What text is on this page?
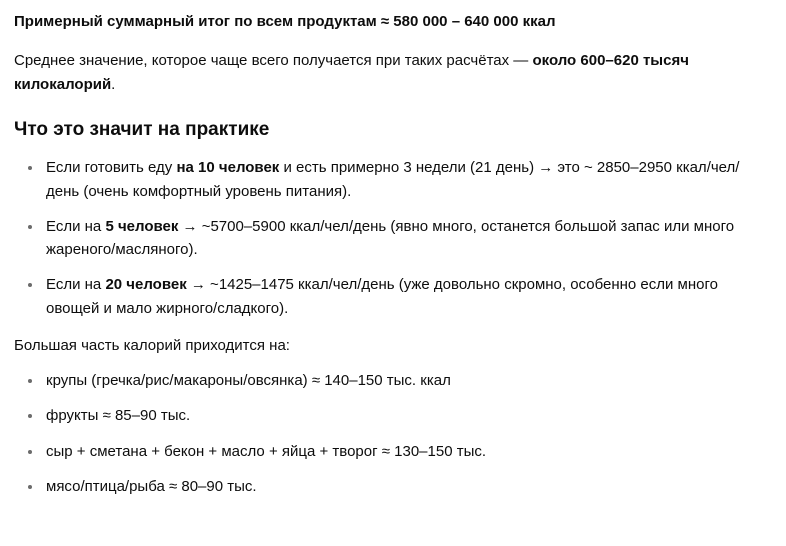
Примерный суммарный итог по всем продуктам ≈ 580 000 – 640 000 ккал

Среднее значение, которое чаще всего получается при таких расчётах — около 600–620 тысяч килокалорий.

Что это значит на практике
Если готовить еду на 10 человек и есть примерно 3 недели (21 день) → это ~ 2850–2950 ккал/чел/день (очень комфортный уровень питания).
Если на 5 человек → ~5700–5900 ккал/чел/день (явно много, останется большой запас или много жареного/масляного).
Если на 20 человек → ~1425–1475 ккал/чел/день (уже довольно скромно, особенно если много овощей и мало жирного/сладкого).

Большая часть калорий приходится на:

крупы (гречка/рис/макароны/овсянка) ≈ 140–150 тыс. ккал
фрукты ≈ 85–90 тыс.
сыр + сметана + бекон + масло + яйца + творог ≈ 130–150 тыс.
мясо/птица/рыба ≈ 80–90 тыс.
